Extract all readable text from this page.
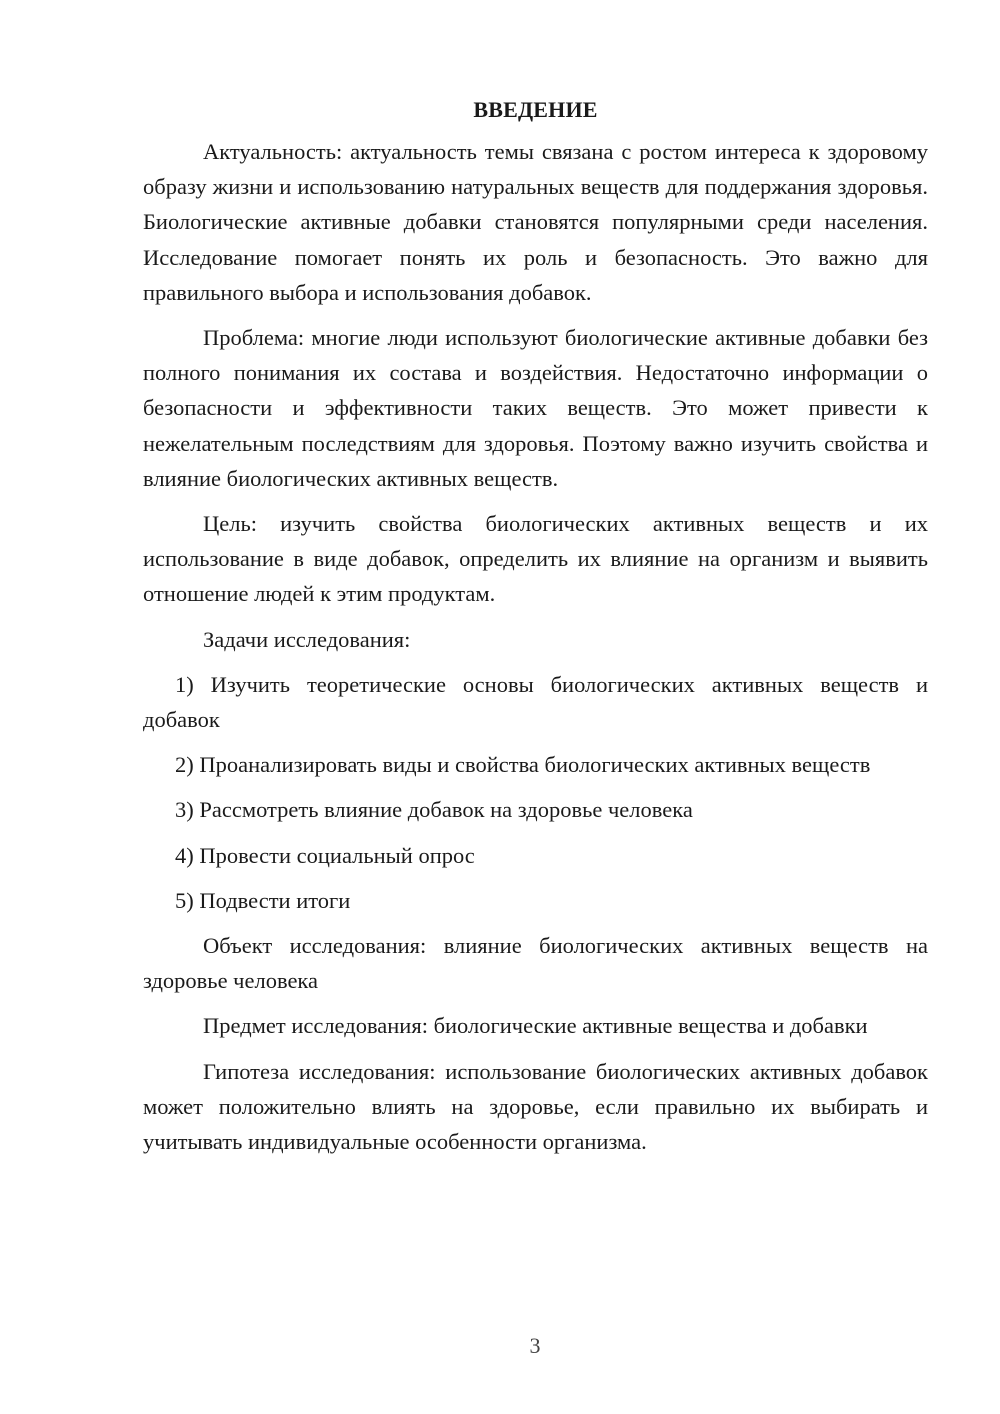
ВВЕДЕНИЕ

Актуальность: актуальность темы связана с ростом интереса к здоровому образу жизни и использованию натуральных веществ для поддержания здоровья. Биологические активные добавки становятся популярными среди населения. Исследование помогает понять их роль и безопасность. Это важно для правильного выбора и использования добавок.

Проблема: многие люди используют биологические активные добавки без полного понимания их состава и воздействия. Недостаточно информации о безопасности и эффективности таких веществ. Это может привести к нежелательным последствиям для здоровья. Поэтому важно изучить свойства и влияние биологических активных веществ.

Цель: изучить свойства биологических активных веществ и их использование в виде добавок, определить их влияние на организм и выявить отношение людей к этим продуктам.

Задачи исследования:

1) Изучить теоретические основы биологических активных веществ и добавок

2) Проанализировать виды и свойства биологических активных веществ

3) Рассмотреть влияние добавок на здоровье человека

4) Провести социальный опрос

5) Подвести итоги

Объект исследования: влияние биологических активных веществ на здоровье человека

Предмет исследования: биологические активные вещества и добавки

Гипотеза исследования: использование биологических активных добавок может положительно влиять на здоровье, если правильно их выбирать и учитывать индивидуальные особенности организма.

3
